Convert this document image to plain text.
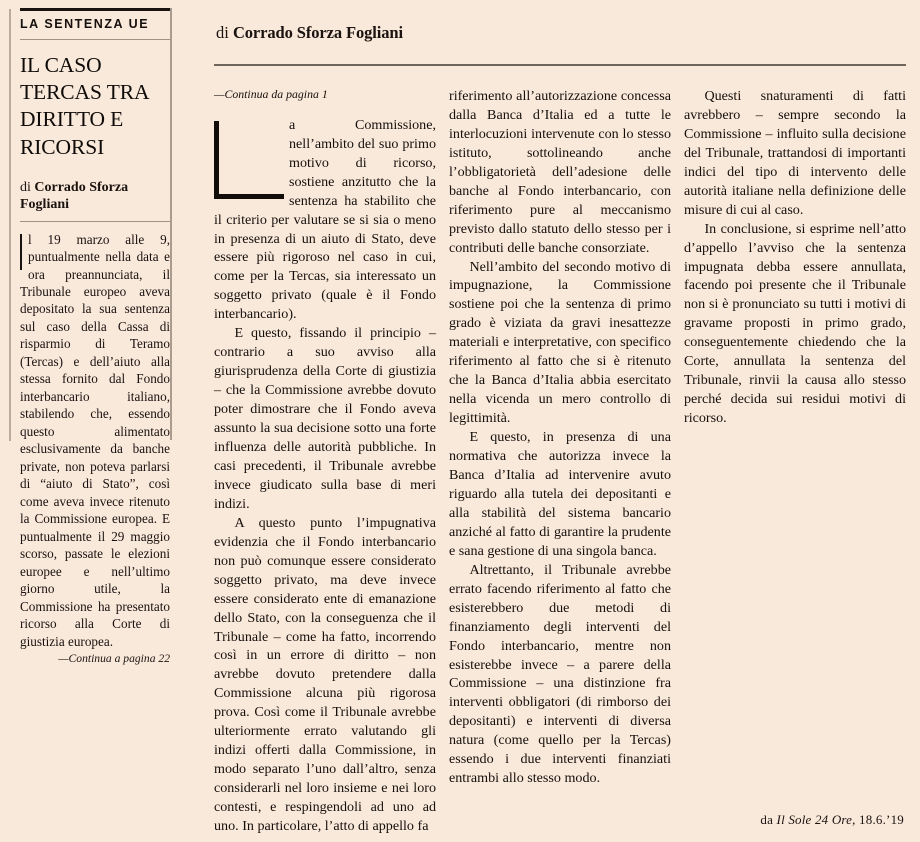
LA SENTENZA UE
IL CASO TERCAS TRA DIRITTO E RICORSI
di Corrado Sforza Fogliani
l 19 marzo alle 9, puntualmente nella data e ora preannunciata, il Tribunale europeo aveva depositato la sua sentenza sul caso della Cassa di risparmio di Teramo (Tercas) e dell’aiuto alla stessa fornito dal Fondo interbancario italiano, stabilendo che, essendo questo alimentato esclusivamente da banche private, non poteva parlarsi di “aiuto di Stato”, così come aveva invece ritenuto la Commissione europea. E puntualmente il 29 maggio scorso, passate le elezioni europee e nell’ultimo giorno utile, la Commissione ha presentato ricorso alla Corte di giustizia europea.
—Continua a pagina 22
di Corrado Sforza Fogliani
—Continua da pagina 1

a Commissione, nell’ambito del suo primo motivo di ricorso, sostiene anzitutto che la sentenza ha stabilito che il criterio per valutare se si sia o meno in presenza di un aiuto di Stato, deve essere più rigoroso nel caso in cui, come per la Tercas, sia interessato un soggetto privato (quale è il Fondo interbancario).

E questo, fissando il principio – contrario a suo avviso alla giurisprudenza della Corte di giustizia – che la Commissione avrebbe dovuto poter dimostrare che il Fondo aveva assunto la sua decisione sotto una forte influenza delle autorità pubbliche. In casi precedenti, il Tribunale avrebbe invece giudicato sulla base di meri indizi.

A questo punto l’impugnativa evidenzia che il Fondo interbancario non può comunque essere considerato soggetto privato, ma deve invece essere considerato ente di emanazione dello Stato, con la conseguenza che il Tribunale – come ha fatto, incorrendo così in un errore di diritto – non avrebbe dovuto pretendere dalla Commissione alcuna più rigorosa prova. Così come il Tribunale avrebbe ulteriormente errato valutando gli indizi offerti dalla Commissione, in modo separato l’uno dall’altro, senza considerarli nel loro insieme e nei loro contesti, e respingendoli ad uno ad uno. In particolare, l’atto di appello fa

riferimento all’autorizzazione concessa dalla Banca d’Italia ed a tutte le interlocuzioni intervenute con lo stesso istituto, sottolineando anche l’obbligatorietà dell’adesione delle banche al Fondo interbancario, con riferimento pure al meccanismo previsto dallo statuto dello stesso per i contributi delle banche consorziate.

Nell’ambito del secondo motivo di impugnazione, la Commissione sostiene poi che la sentenza di primo grado è viziata da gravi inesattezze materiali e interpretative, con specifico riferimento al fatto che si è ritenuto che la Banca d’Italia abbia esercitato nella vicenda un mero controllo di legittimità.

E questo, in presenza di una normativa che autorizza invece la Banca d’Italia ad intervenire avuto riguardo alla tutela dei depositanti e alla stabilità del sistema bancario anziché al fatto di garantire la prudente e sana gestione di una singola banca.

Altrettanto, il Tribunale avrebbe errato facendo riferimento al fatto che esisterebbero due metodi di finanziamento degli interventi del Fondo interbancario, mentre non esisterebbe invece – a parere della Commissione – una distinzione fra interventi obbligatori (di rimborso dei depositanti) e interventi di diversa natura (come quello per la Tercas) essendo i due interventi finanziati entrambi allo stesso modo.

Questi snaturamenti di fatti avrebbero – sempre secondo la Commissione – influito sulla decisione del Tribunale, trattandosi di importanti indici del tipo di intervento delle autorità italiane nella definizione delle misure di cui al caso.

In conclusione, si esprime nell’atto d’appello l’avviso che la sentenza impugnata debba essere annullata, facendo poi presente che il Tribunale non si è pronunciato su tutti i motivi di gravame proposti in primo grado, conseguentemente chiedendo che la Corte, annullata la sentenza del Tribunale, rinvii la causa allo stesso perché decida sui residui motivi di ricorso.

da Il Sole 24 Ore, 18.6.’19
